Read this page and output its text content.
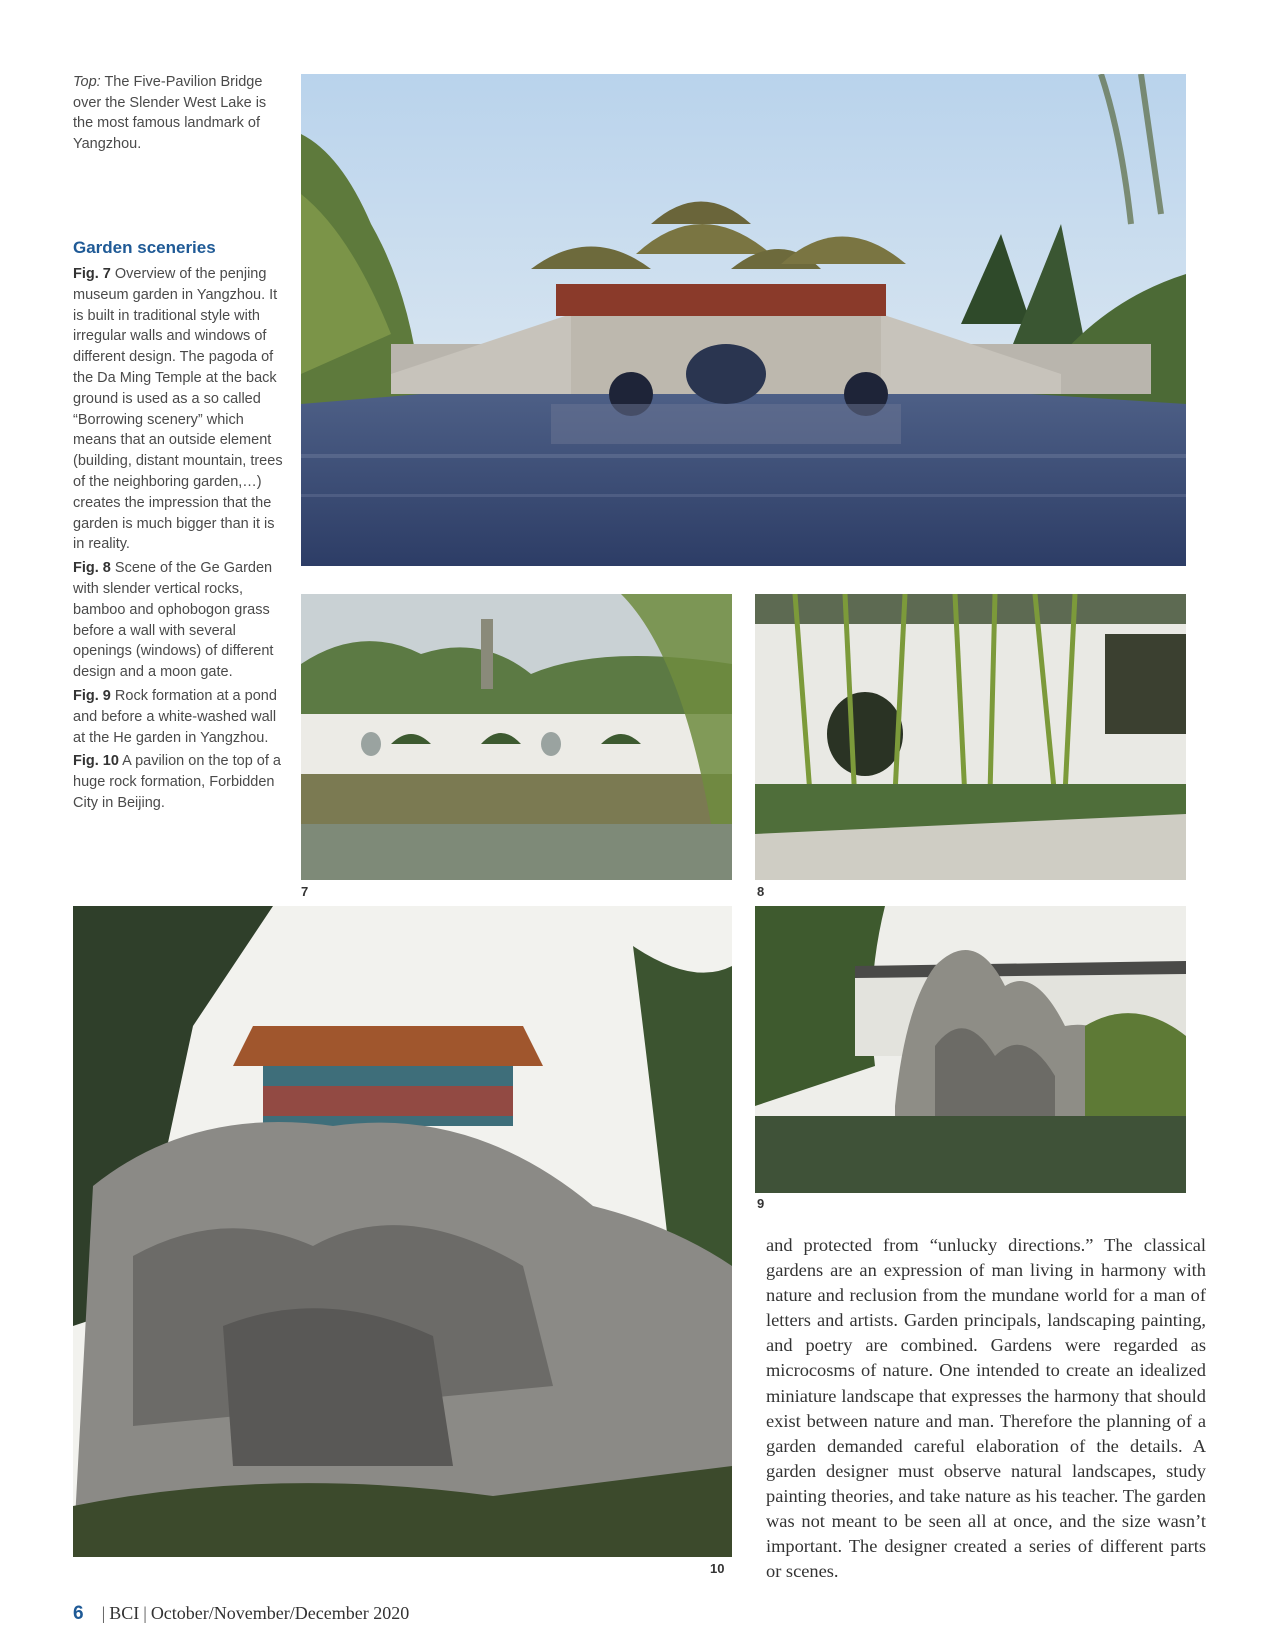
Top: The Five-Pavilion Bridge over the Slender West Lake is the most famous landmark of Yangzhou.
Garden sceneries

Fig. 7 Overview of the penjing museum garden in Yangzhou. It is built in traditional style with irregular walls and windows of different design. The pagoda of the Da Ming Temple at the back ground is used as a so called “Borrowing scenery” which means that an outside element (building, distant mountain, trees of the neighboring garden,…) creates the impression that the garden is much bigger than it is in reality.

Fig. 8 Scene of the Ge Garden with slender vertical rocks, bamboo and ophobogon grass before a wall with several openings (windows) of different design and a moon gate.

Fig. 9 Rock formation at a pond and before a white-washed wall at the He garden in Yangzhou.

Fig. 10 A pavilion on the top of a huge rock formation, Forbidden City in Beijing.

7	8
10
9
and protected from “unlucky directions.” The classical gardens are an expression of man living in harmony with nature and reclusion from the mundane world for a man of letters and artists. Garden principals, landscaping painting, and poetry are combined. Gardens were regarded as microcosms of nature. One intended to create an idealized miniature landscape that expresses the harmony that should exist between nature and man. Therefore the planning of a garden demanded careful elaboration of the details. A garden designer must observe natural landscapes, study painting theories, and take nature as his teacher. The garden was not meant to be seen all at once, and the size wasn’t important. The designer created a series of different parts or scenes.
6 | BCI | October/November/December 2020
